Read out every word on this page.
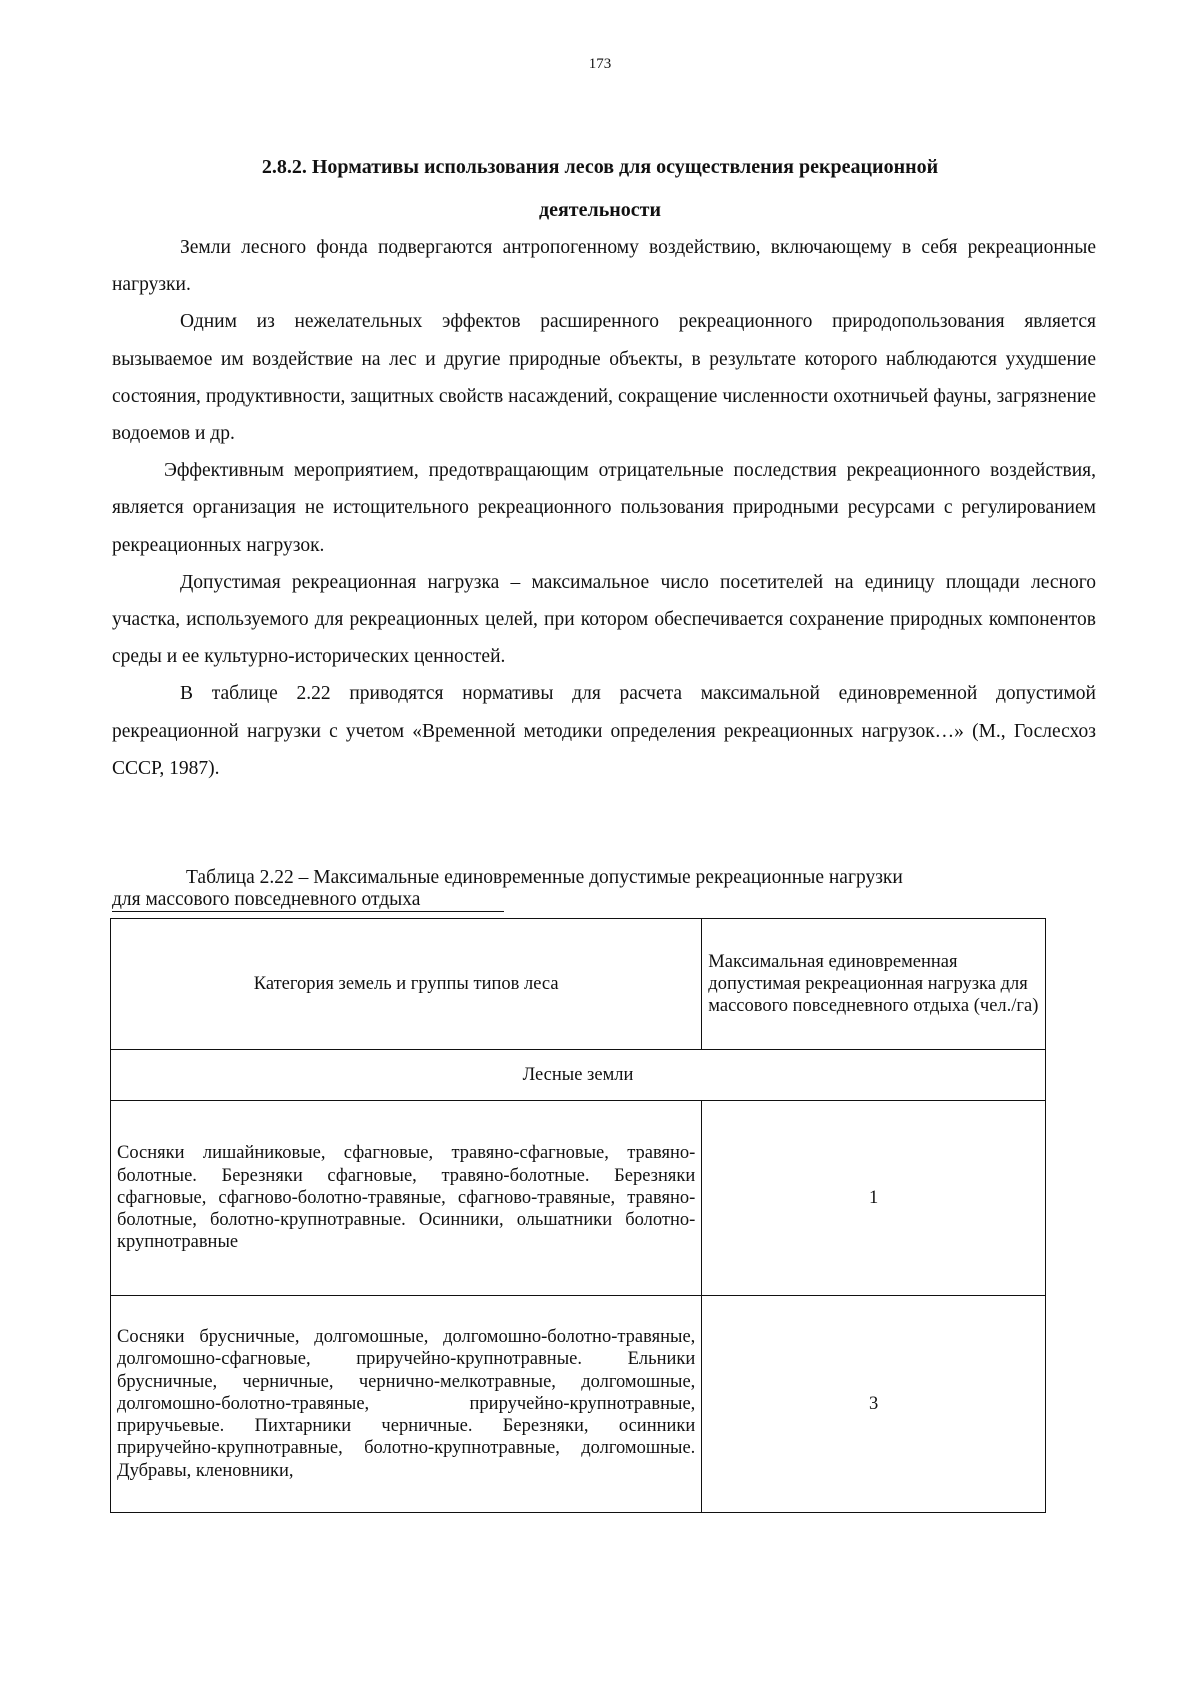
173
2.8.2. Нормативы использования лесов для осуществления рекреационной
деятельности

Земли лесного фонда подвергаются антропогенному воздействию, включающему в себя рекреационные нагрузки.

Одним из нежелательных эффектов расширенного рекреационного природопользования является вызываемое им воздействие на лес и другие природные объекты, в результате которого наблюдаются ухудшение состояния, продуктивности, защитных свойств насаждений, сокращение численности охотничьей фауны, загрязнение водоемов и др.

Эффективным мероприятием, предотвращающим отрицательные последствия рекреационного воздействия, является организация не истощительного рекреационного пользования природными ресурсами с регулированием рекреационных нагрузок.

Допустимая рекреационная нагрузка – максимальное число посетителей на единицу площади лесного участка, используемого для рекреационных целей, при котором обеспечивается сохранение природных компонентов среды и ее культурно-исторических ценностей.

В таблице 2.22 приводятся нормативы для расчета максимальной единовременной допустимой рекреационной нагрузки с учетом «Временной методики определения рекреационных нагрузок…» (М., Гослесхоз СССР, 1987).

Таблица 2.22 – Максимальные единовременные допустимые рекреационные нагрузки
для массового повседневного отдыха
Категория земель и группы типов леса	Максимальная единовременная допустимая рекреационная нагрузка для массового повседневного отдыха (чел./га)
Лесные земли	
Сосняки лишайниковые, сфагновые, травяно-сфагновые, травяно-болотные. Березняки сфагновые, травяно-болотные. Березняки сфагновые, сфагново-болотно-травяные, сфагново-травяные, травяно-болотные, болотно-крупнотравные. Осинники, ольшатники болотно-крупнотравные	1
Сосняки брусничные, долгомошные, долгомошно-болотно-травяные, долгомошно-сфагновые, приручейно-крупнотравные. Ельники брусничные, черничные, чернично-мелкотравные, долгомошные, долгомошно-болотно-травяные, приручейно-крупнотравные, приручьевые. Пихтарники черничные. Березняки, осинники приручейно-крупнотравные, болотно-крупнотравные, долгомошные. Дубравы, кленовники,	3
